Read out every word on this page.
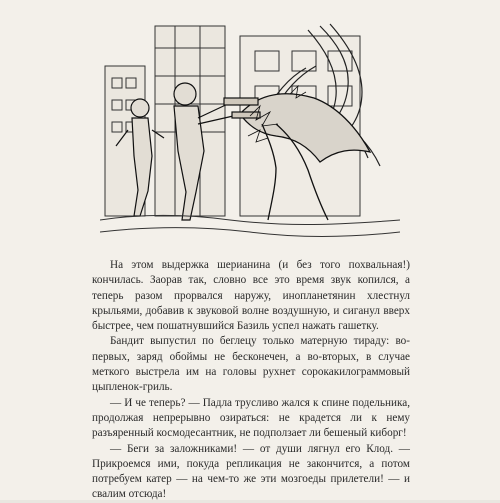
На этом выдержка шерианина (и без того похвальная!) кончилась. Заорав так, словно все это время звук копился, а теперь разом прорвался наружу, инопланетянин хлестнул крыльями, добавив к звуковой волне воздушную, и сиганул вверх быстрее, чем пошатнувшийся Базиль успел нажать гашетку.

Бандит выпустил по беглецу только матерную тираду: во-первых, заряд обоймы не бесконечен, а во-вторых, в случае меткого выстрела им на головы рухнет сорокакилограммовый цыпленок-гриль.

— И че теперь? — Падла трусливо жался к спине подельника, продолжая непрерывно озираться: не крадется ли к нему разъяренный космодесантник, не подползает ли бешеный киборг!

— Беги за заложниками! — от души лягнул его Клод. — Прикроемся ими, покуда репликация не закончится, а потом потребуем катер — на чем-то же эти мозгоеды прилетели! — и свалим отсюда!
